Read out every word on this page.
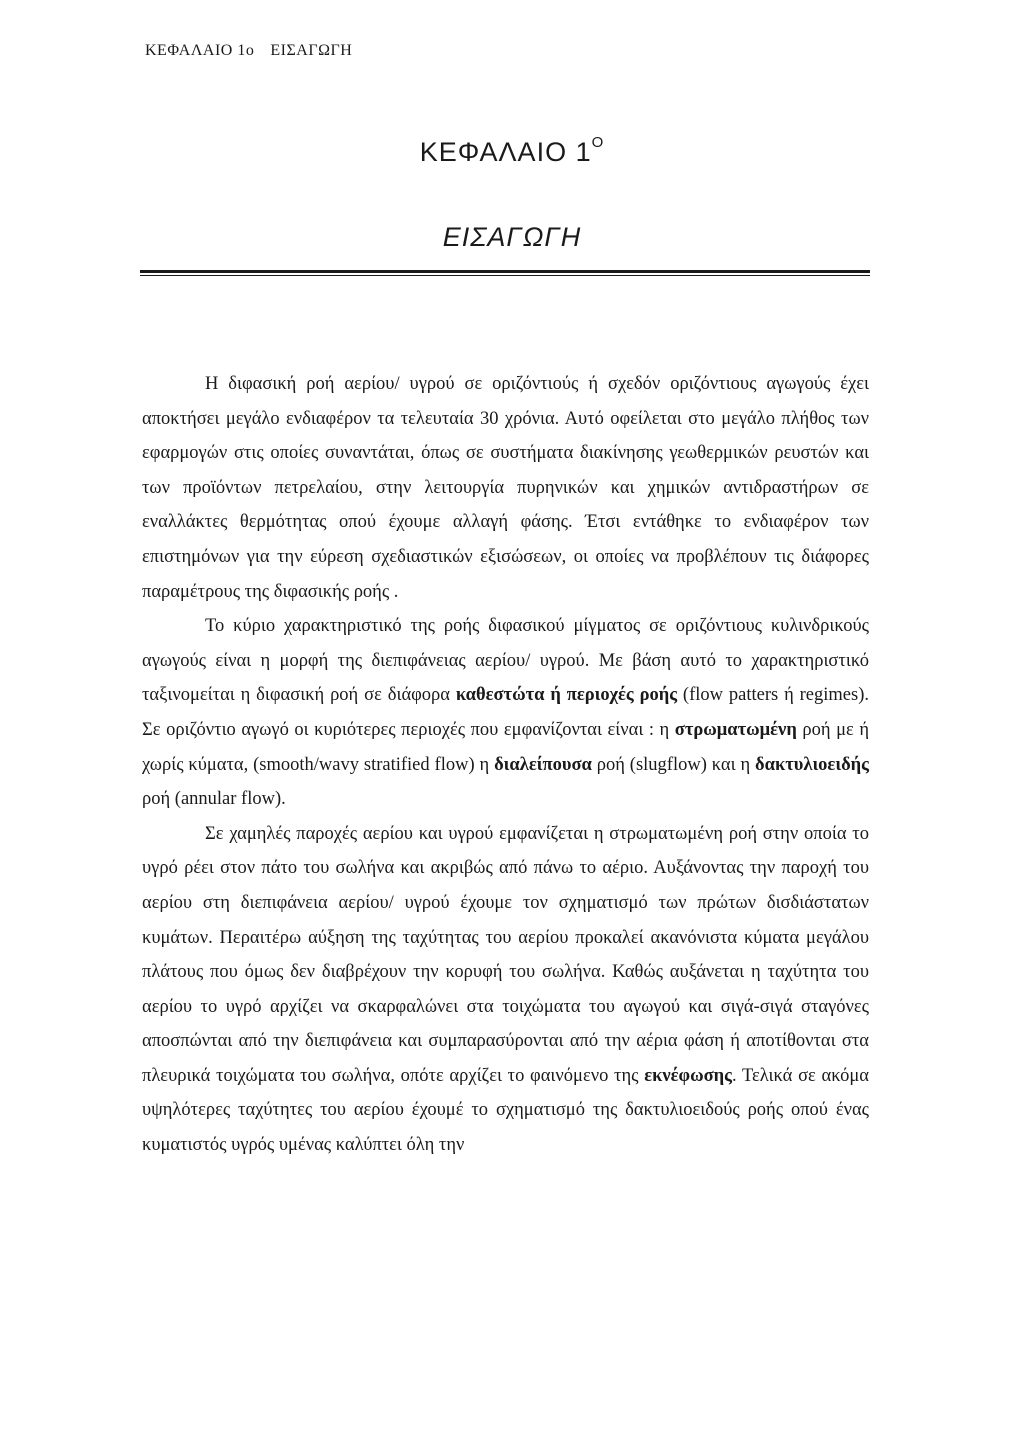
ΚΕΦΑΛΑΙΟ 1ο ΕΙΣΑΓΩΓΗ
ΚΕΦΑΛΑΙΟ $1^O$
ΕΙΣΑΓΩΓΗ

Η διφασική ροή αερίου/ υγρού σε οριζόντιούς ή σχεδόν οριζόντιους αγωγούς έχει αποκτήσει μεγάλο ενδιαφέρον τα τελευταία 30 χρόνια. Αυτό οφείλεται στο μεγάλο πλήθος των εφαρμογών στις οποίες συναντάται, όπως σε συστήματα διακίνησης γεωθερμικών ρευστών και των προϊόντων πετρελαίου, στην λειτουργία πυρηνικών και χημικών αντιδραστήρων σε εναλλάκτες θερμότητας οπού έχουμε αλλαγή φάσης. Έτσι εντάθηκε το ενδιαφέρον των επιστημόνων για την εύρεση σχεδιαστικών εξισώσεων, οι οποίες να προβλέπουν τις διάφορες παραμέτρους της διφασικής ροής .

Το κύριο χαρακτηριστικό της ροής διφασικού μίγματος σε οριζόντιους κυλινδρικούς αγωγούς είναι η μορφή της διεπιφάνειας αερίου/ υγρού. Με βάση αυτό το χαρακτηριστικό ταξινομείται η διφασική ροή σε διάφορα καθεστώτα ή περιοχές ροής (flow patters ή regimes). Σε οριζόντιο αγωγό οι κυριότερες περιοχές που εμφανίζονται είναι : η στρωματωμένη ροή με ή χωρίς κύματα, (smooth/wavy stratified flow) η διαλείπουσα ροή (slugflow) και η δακτυλιοειδής ροή (annular flow).

Σε χαμηλές παροχές αερίου και υγρού εμφανίζεται η στρωματωμένη ροή στην οποία το υγρό ρέει στον πάτο του σωλήνα και ακριβώς από πάνω το αέριο. Αυξάνοντας την παροχή του αερίου στη διεπιφάνεια αερίου/ υγρού έχουμε τον σχηματισμό των πρώτων δισδιάστατων κυμάτων. Περαιτέρω αύξηση της ταχύτητας του αερίου προκαλεί ακανόνιστα κύματα μεγάλου πλάτους που όμως δεν διαβρέχουν την κορυφή του σωλήνα. Καθώς αυξάνεται η ταχύτητα του αερίου το υγρό αρχίζει να σκαρφαλώνει στα τοιχώματα του αγωγού και σιγά-σιγά σταγόνες αποσπώνται από την διεπιφάνεια και συμπαρασύρονται από την αέρια φάση ή αποτίθονται στα πλευρικά τοιχώματα του σωλήνα, οπότε αρχίζει το φαινόμενο της εκνέφωσης. Τελικά σε ακόμα υψηλότερες ταχύτητες του αερίου έχουμέ το σχηματισμό της δακτυλιοειδούς ροής οπού ένας κυματιστός υγρός υμένας καλύπτει όλη την
